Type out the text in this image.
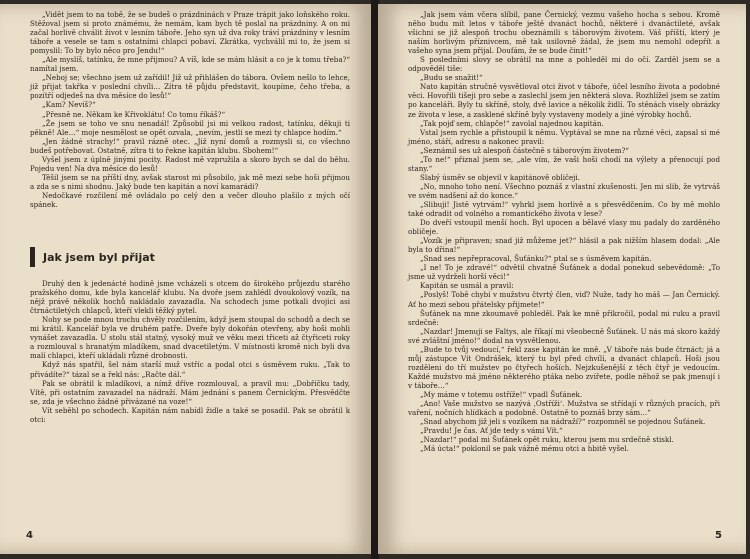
„Vidět jsem to na tobě, že se budeš o prázdninách v Praze trápit jako loňského roku. Stěžoval jsem si proto známému, že nemám, kam bych tě poslal na prázdniny. A on mi začal horlivě chválit život v lesním táboře. Jeho syn už dva roky tráví prázdniny v lesním táboře a vesele se tam s ostatními chlapci pobaví. Zkrátka, vychválil mi to, že jsem si pomyslil: To by bylo něco pro Jendu!“

„Ale myslíš, tatínku, že mne přijmou? A víš, kde se mám hlásit a co je k tomu třeba?“ namítal jsem.

„Neboj se; všechno jsem už zařídil! Již už přihlášen do tábora. Ovšem nešlo to lehce, již přijat takřka v poslední chvíli… Zítra tě půjdu představit, koupíme, čeho třeba, a pozítří odjedeš na dva měsíce do lesů!“

„Kam? Nevíš?“

„Přesně ne. Někam ke Křivoklátu! Co tomu říkáš?“

„Že jsem se toho ve snu nenadál! Způsobil jsi mi velkou radost, tatínku, děkuji ti pěkně! Ale…“ moje nesmělost se opět ozvala, „nevím, jestli se mezi ty chlapce hodím.“

„Jen žádné strachy!“ pravil rázně otec. „Již nyní domů a rozmysli si, co všechno budeš potřebovat. Ostatně, zítra ti to řekne kapitán klubu. Sbohem!“

Vyšel jsem z úplně jinými pocity. Radost mě vzpružila a skoro bych se dal do běhu. Pojedu ven! Na dva měsíce do lesů!

Těšil jsem se na příští dny, avšak starost mi působilo, jak mě mezi sebe hoši přijmou a zda se s nimi shodnu. Jaký bude ten kapitán a noví kamarádi?

Nedočkavé rozčilení mě ovládalo po celý den a večer dlouho plašilo z mých očí spánek.

Jak jsem byl přijat

Druhý den k jedenácté hodině jsme vcházeli s otcem do širokého průjezdu starého pražského domu, kde byla kancelář klubu. Na dvoře jsem zahlédl dvoukolový vozík, na nějž právě několik hochů nakládalo zavazadla. Na schodech jsme potkali dvojici asi čtrnáctiletých chlapců, kteří vlekli těžký pytel.

Nohy se pode mnou trochu chvěly rozčilením, když jsem stoupal do schodů a dech se mi krátil. Kancelář byla ve druhém patře. Dveře byly dokořán otevřeny, aby hoši mohli vynášet zavazadla. U stolu stál statný, vysoký muž ve věku mezi třiceti až čtyřiceti roky a rozmlouval s hranatým mladíkem, snad dvacetiletým. V místnosti kromě nich byli dva malí chlapci, kteří ukládali různé drobnosti.

Když nás spatřil, šel nám starší muž vstříc a podal otci s úsměvem ruku. „Tak to přivádíte?“ tázal se a řekl nás: „Račte dál.“

Pak se obrátil k mladíkovi, a nímž dříve rozmlouval, a pravil mu: „Dobříčku tady, Vítě, při ostatním zavazadel na nádraží. Mám jednání s panem Černickým. Přesvědčte se, zda je všechno žádné přivázané na voze!“

Vít seběhl po schodech. Kapitán nám nabídl židle a také se posadil. Pak se obrátil k otci:

4

„Jak jsem vám včera slíbil, pane Černický, vezmu vašeho hocha s sebou. Kromě něho budu mít letos v táboře ještě dvanáct hochů, některé i dvanáctileté, avšak všichni se již alespoň trochu obeznámili s táborovým životem. Váš příští, který je naším horlivým příznivcem, mě tak usilovně žádal, že jsem mu nemohl odepřít a vašeho syna jsem přijal. Doufám, že se bude činit!“

S posledními slovy se obrátil na mne a pohleděl mi do očí. Zarděl jsem se a odpověděl tiše:

„Budu se snažit!“

Nato kapitán stručně vysvětloval otci život v táboře, účel lesního života a podobné věci. Hovořili tišeji pro sebe a zaslechl jsem jen některá slova. Rozhlížel jsem se zatím po kanceláři. Byly tu skříně, stoly, dvě lavice a několik židlí. To stěnách visely obrázky ze života v lese, a zasklené skříně byly vystaveny modely a jiné výrobky hochů.

„Tak pojď sem, chlapče!“ zavolal najednou kapitán.

Vstal jsem rychle a přistoupil k němu. Vyptával se mne na různé věci, zapsal si mé jméno, stáří, adresu a nakonec pravil:

„Seznámil ses už alespoň částečně s táborovým životem?“

„To ne!“ přiznal jsem se, „ale vím, že vaši hoši chodí na výlety a přenocují pod stany.“

Slabý úsměv se objevil v kapitánově obličeji.

„No, mnoho toho není. Všechno poznáš z vlastní zkušenosti. Jen mi slib, že vytrváš ve svém nadšení až do konce.“

„Slibuji! Jistě vytrvám!“ vyhrkl jsem horlivě a s přesvědčením. Co by mě mohlo také odradit od volného a romantického života v lese?

Do dveří vstoupil menší hoch. Byl upocen a bělavé vlasy mu padaly do zarděného obličeje.

„Vozík je připraven; snad již můžeme jet?“ hlásil a pak nižším hlasem dodal: „Ale byla to dřina!“

„Snad ses nepřepracoval, Šuťánku?“ ptal se s úsměvem kapitán.

„I ne! To je zdravé!“ odvětil chvatně Šuťánek a dodal ponekud sebevědomě: „To jsme už vydrželi horší věci!“

Kapitán se usmál a pravil:

„Poslyš! Tobě chybí v mužstvu čtvrtý člen, viď? Nuže, tady ho máš — Jan Černický. Ať ho mezi sebou přátelsky přijmete!“

Šuťánek na mne zkoumavě pohleděl. Pak ke mně přikročil, podal mi ruku a pravil srdečně:

„Nazdar! Jmenuji se Faltys, ale říkají mi všeobecně Šuťánek. U nás má skoro každý své zvláštní jméno!“ dodal na vysvětlenou.

„Bude to tvůj vedoucí,“ řekl zase kapitán ke mně. „V táboře nás bude čtrnáct; já a můj zástupce Vít Ondrášek, který tu byl před chvílí, a dvanáct chlapců. Hoši jsou rozděleni do tří mužstev po čtyřech hoších. Nejzkušenější z těch čtyř je vedoucím. Každé mužstvo má jméno některého ptáka nebo zvířete, podle něhož se pak jmenují i v táboře…“

„My máme v totemu ostříže!“ vpadl Šuťánek.

„Ano! Vaše mužstvo se nazývá ‚Ostříži‘. Mužstva se střídají v různých pracích, při vaření, nočních hlídkách a podobně. Ostatně to poznáš brzy sám…“

„Snad abychom již jeli s vozíkem na nádraží?“ rozpomněl se pojednou Šuťánek.

„Pravdu! Je čas. Ať jde tedy s vámi Vít.“

„Nazdar!“ podal mi Šuťánek opět ruku, kterou jsem mu srdečně stiskl.

„Má úcta!“ poklonil se pak vážně mému otci a hbitě vyšel.

5
